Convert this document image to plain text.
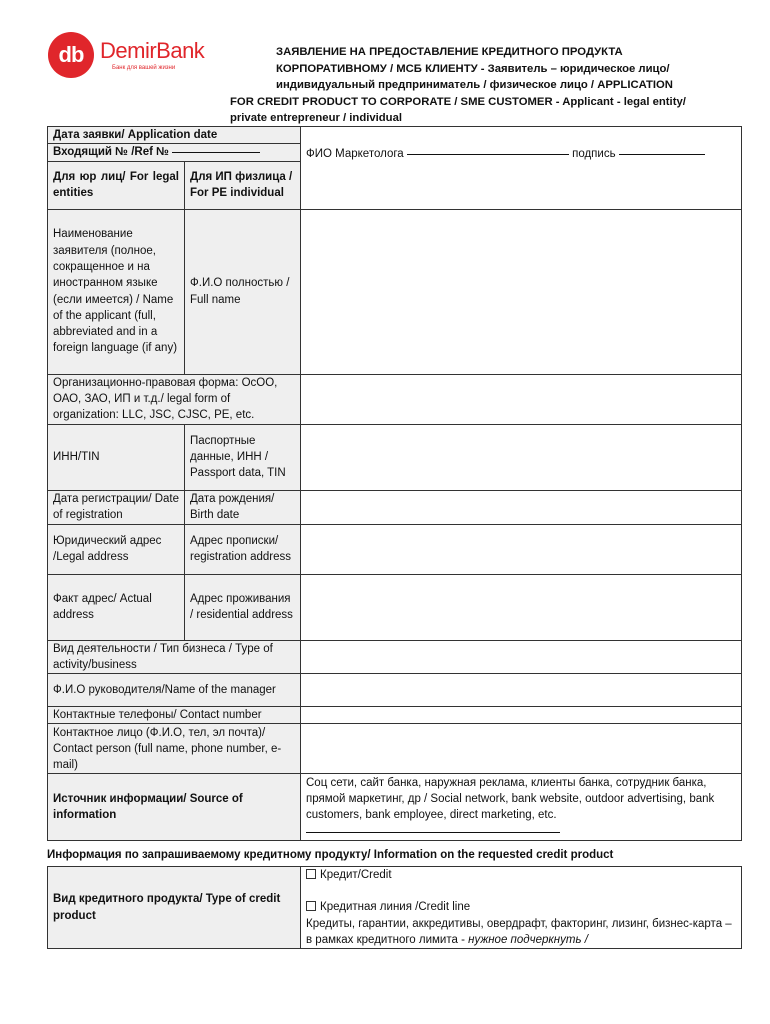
db DemirBank
Банк для вашей жизни
ЗАЯВЛЕНИЕ НА ПРЕДОСТАВЛЕНИЕ КРЕДИТНОГО ПРОДУКТА
КОРПОРАТИВНОМУ / МСБ КЛИЕНТУ - Заявитель – юридическое лицо/
индивидуальный предприниматель / физическое лицо / APPLICATION
FOR CREDIT PRODUCT TO CORPORATE / SME CUSTOMER - Applicant - legal entity/
private entrepreneur / individual
Дата заявки/ Application date		ФИО Маркетолога подпись

Входящий № /Ref №		
Для юр лиц/ For legal entities	Для ИП физлица / For PE individual	
Наименование заявителя (полное, сокращенное и на иностранном языке (если имеется) / Name of the applicant (full, abbreviated and in a foreign language (if any)	Ф.И.О полностью / Full name	
Организационно-правовая форма: ОсОО, ОАО, ЗАО, ИП и т.д./ legal form of organization: LLC, JSC, CJSC, PE, etc.		
ИНН/TIN	Паспортные данные, ИНН / Passport data, TIN	
Дата регистрации/ Date of registration	Дата рождения/ Birth date	
Юридический адрес /Legal address	Адрес прописки/ registration address	
Факт адрес/ Actual address	Адрес проживания / residential address	
Вид деятельности / Тип бизнеса / Type of activity/business		
Ф.И.О руководителя/Name of the manager		
Контактные телефоны/ Contact number		
Контактное лицо (Ф.И.О, тел, эл почта)/ Contact person (full name, phone number, e-mail)		
Источник информации/ Source of information		Соц сети, сайт банка, наружная реклама, клиенты банка, сотрудник банка, прямой маркетинг, др / Social network, bank website, outdoor advertising, bank customers, bank employee, direct marketing, etc.
Информация по запрашиваемому кредитному продукту/ Information on the requested credit product
Вид кредитного продукта/ Type of credit product	
Кредит/Credit
Кредитная линия /Credit line
Кредиты, гарантии, аккредитивы, овердрафт, факторинг, лизинг, бизнес-карта – в рамках кредитного лимита - нужное подчеркнуть /
